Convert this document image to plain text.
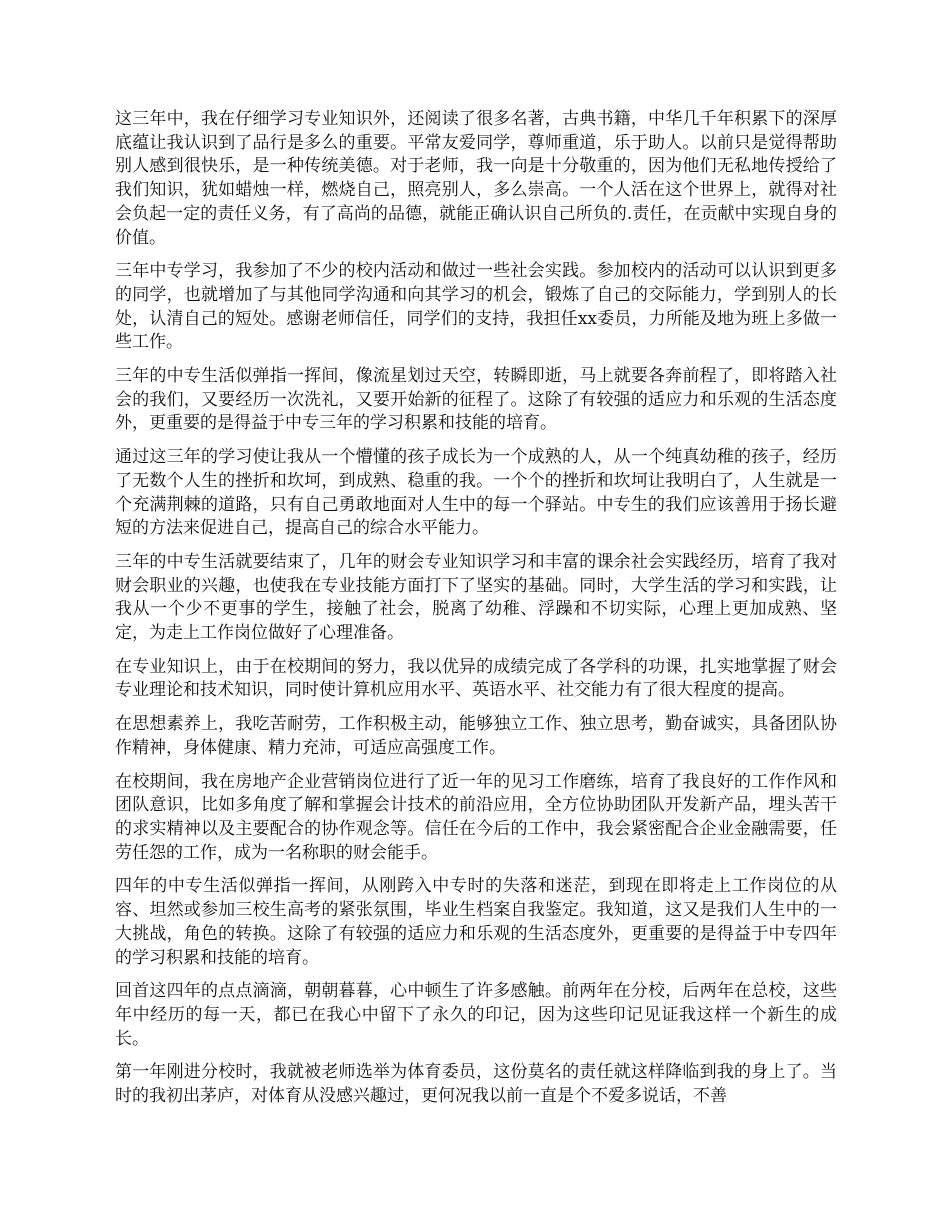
这三年中，我在仔细学习专业知识外，还阅读了很多名著，古典书籍，中华几千年积累下的深厚底蕴让我认识到了品行是多么的重要。平常友爱同学，尊师重道，乐于助人。以前只是觉得帮助别人感到很快乐，是一种传统美德。对于老师，我一向是十分敬重的，因为他们无私地传授给了我们知识，犹如蜡烛一样，燃烧自己，照亮别人，多么崇高。一个人活在这个世界上，就得对社会负起一定的责任义务，有了高尚的品德，就能正确认识自己所负的.责任，在贡献中实现自身的价值。

三年中专学习，我参加了不少的校内活动和做过一些社会实践。参加校内的活动可以认识到更多的同学，也就增加了与其他同学沟通和向其学习的机会，锻炼了自己的交际能力，学到别人的长处，认清自己的短处。感谢老师信任，同学们的支持，我担任xx委员，力所能及地为班上多做一些工作。

三年的中专生活似弹指一挥间，像流星划过天空，转瞬即逝，马上就要各奔前程了，即将踏入社会的我们，又要经历一次洗礼，又要开始新的征程了。这除了有较强的适应力和乐观的生活态度外，更重要的是得益于中专三年的学习积累和技能的培育。

通过这三年的学习使让我从一个懵懂的孩子成长为一个成熟的人，从一个纯真幼稚的孩子，经历了无数个人生的挫折和坎坷，到成熟、稳重的我。一个个的挫折和坎坷让我明白了，人生就是一个充满荆棘的道路，只有自己勇敢地面对人生中的每一个驿站。中专生的我们应该善用于扬长避短的方法来促进自己，提高自己的综合水平能力。

三年的中专生活就要结束了，几年的财会专业知识学习和丰富的课余社会实践经历，培育了我对财会职业的兴趣，也使我在专业技能方面打下了坚实的基础。同时，大学生活的学习和实践，让我从一个少不更事的学生，接触了社会，脱离了幼稚、浮躁和不切实际，心理上更加成熟、坚定，为走上工作岗位做好了心理准备。

在专业知识上，由于在校期间的努力，我以优异的成绩完成了各学科的功课，扎实地掌握了财会专业理论和技术知识，同时使计算机应用水平、英语水平、社交能力有了很大程度的提高。

在思想素养上，我吃苦耐劳，工作积极主动，能够独立工作、独立思考，勤奋诚实，具备团队协作精神，身体健康、精力充沛，可适应高强度工作。

在校期间，我在房地产企业营销岗位进行了近一年的见习工作磨练，培育了我良好的工作作风和团队意识，比如多角度了解和掌握会计技术的前沿应用，全方位协助团队开发新产品，埋头苦干的求实精神以及主要配合的协作观念等。信任在今后的工作中，我会紧密配合企业金融需要，任劳任怨的工作，成为一名称职的财会能手。

四年的中专生活似弹指一挥间，从刚跨入中专时的失落和迷茫，到现在即将走上工作岗位的从容、坦然或参加三校生高考的紧张氛围，毕业生档案自我鉴定。我知道，这又是我们人生中的一大挑战，角色的转换。这除了有较强的适应力和乐观的生活态度外，更重要的是得益于中专四年的学习积累和技能的培育。

回首这四年的点点滴滴，朝朝暮暮，心中顿生了许多感触。前两年在分校，后两年在总校，这些年中经历的每一天，都已在我心中留下了永久的印记，因为这些印记见证我这样一个新生的成长。

第一年刚进分校时，我就被老师选举为体育委员，这份莫名的责任就这样降临到我的身上了。当时的我初出茅庐，对体育从没感兴趣过，更何况我以前一直是个不爱多说话，不善
